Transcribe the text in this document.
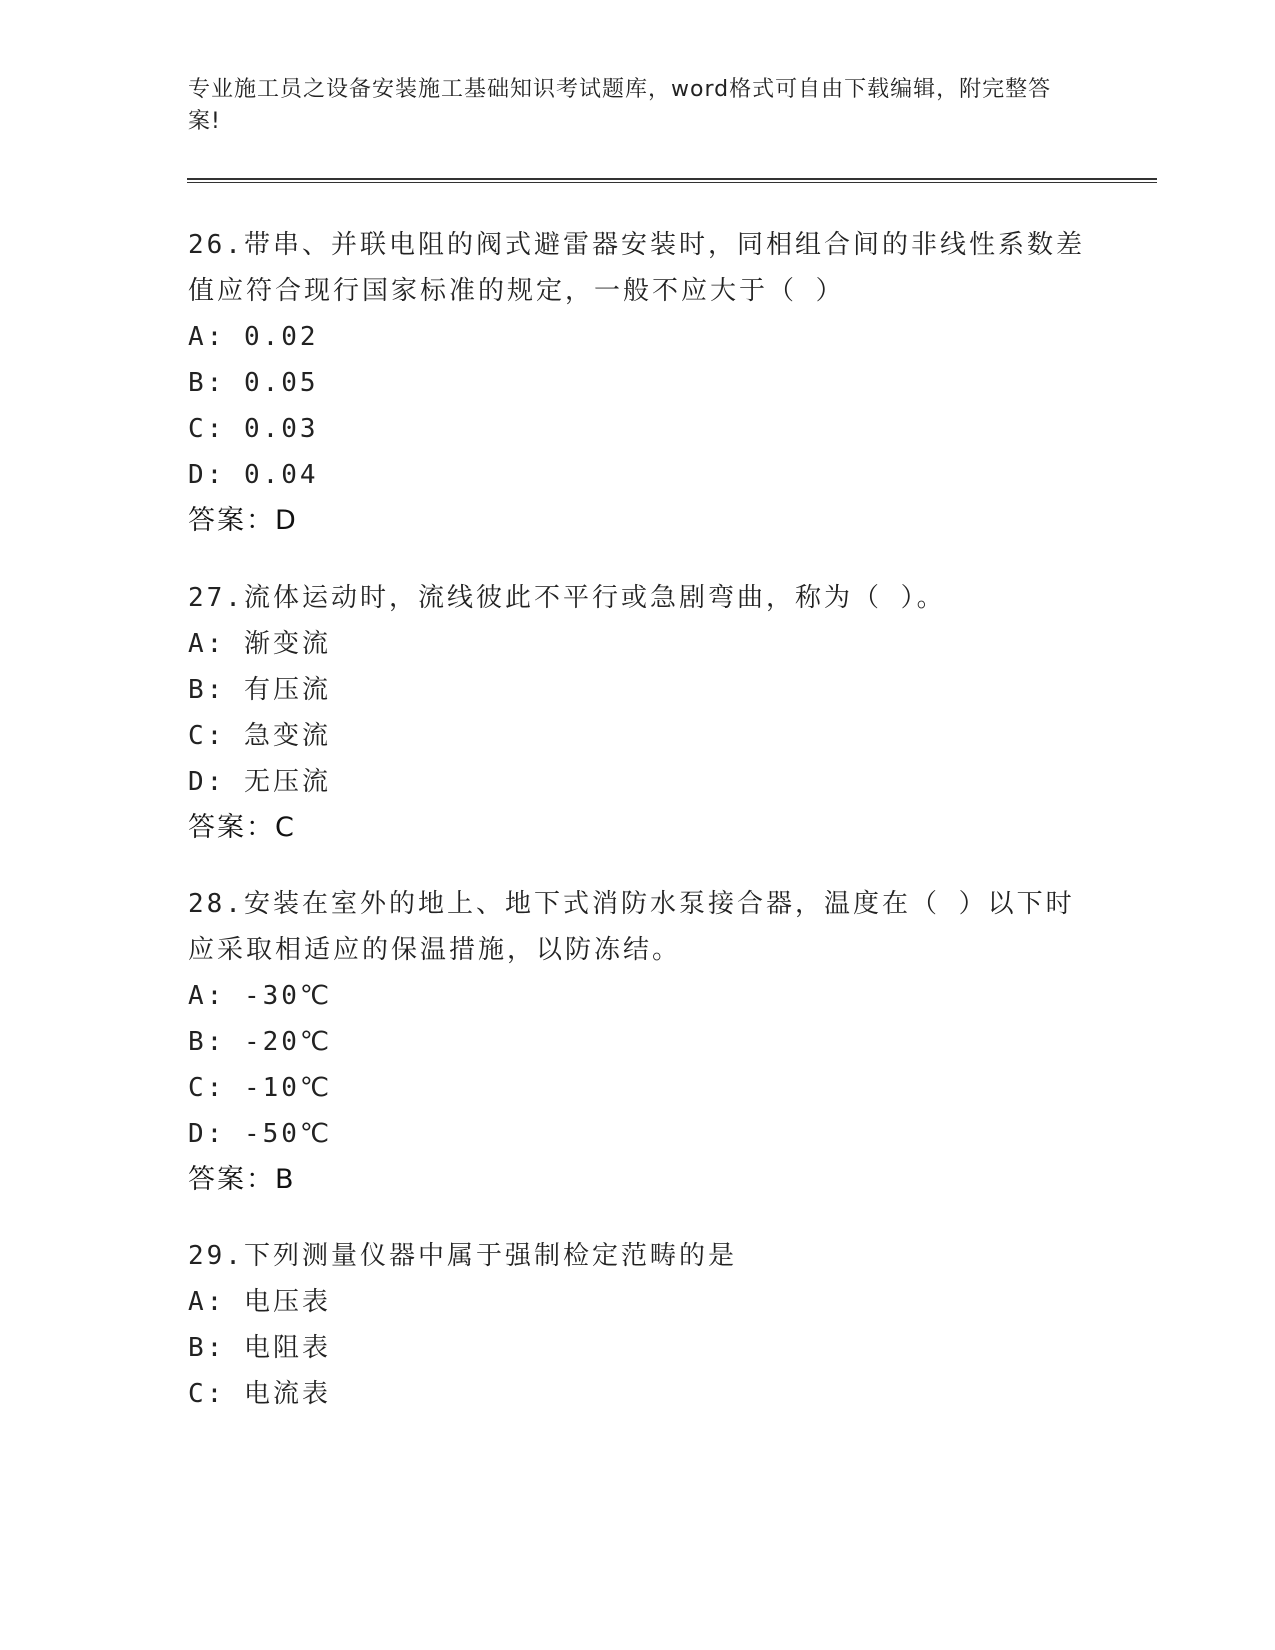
专业施工员之设备安装施工基础知识考试题库，word格式可自由下载编辑，附完整答案!

26.带串、并联电阻的阀式避雷器安装时，同相组合间的非线性系数差值应符合现行国家标准的规定，一般不应大于（ ）

A: 0.02

B: 0.05

C: 0.03

D: 0.04

答案：D

27.流体运动时，流线彼此不平行或急剧弯曲，称为（ ）。

A: 渐变流

B: 有压流

C: 急变流

D: 无压流

答案：C

28.安装在室外的地上、地下式消防水泵接合器，温度在（ ）以下时应采取相适应的保温措施，以防冻结。

A: -30℃

B: -20℃

C: -10℃

D: -50℃

答案：B

29.下列测量仪器中属于强制检定范畴的是

A: 电压表

B: 电阻表

C: 电流表
